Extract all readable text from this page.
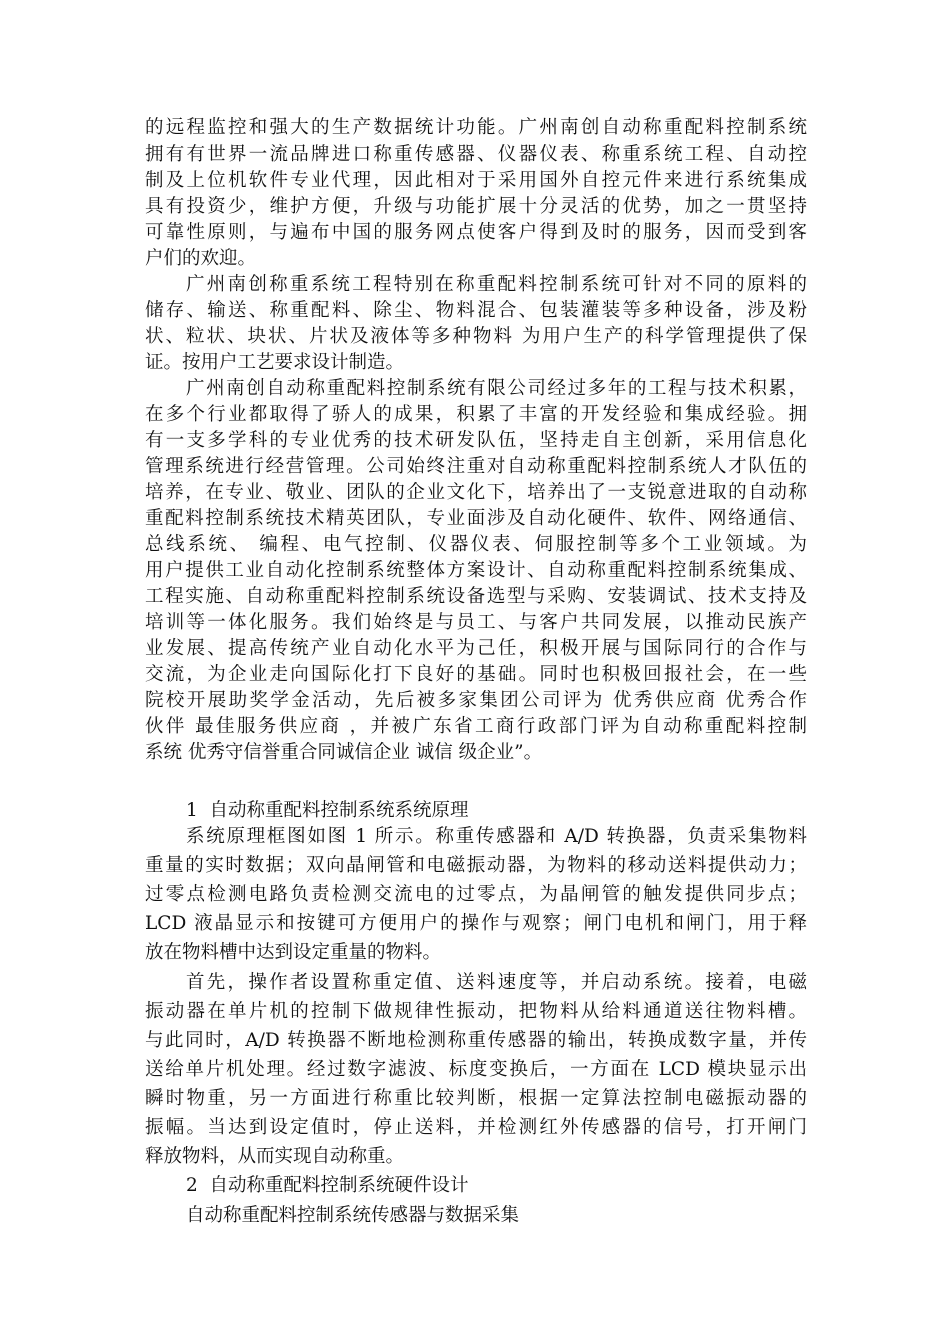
的远程监控和强大的生产数据统计功能。广州南创自动称重配料控制系统

拥有有世界一流品牌进口称重传感器、仪器仪表、称重系统工程、自动控

制及上位机软件专业代理，因此相对于采用国外自控元件来进行系统集成

具有投资少，维护方便，升级与功能扩展十分灵活的优势，加之一贯坚持

可靠性原则，与遍布中国的服务网点使客户得到及时的服务，因而受到客

户们的欢迎。

广州南创称重系统工程特别在称重配料控制系统可针对不同的原料的

储存、输送、称重配料、除尘、物料混合、包装灌装等多种设备，涉及粉

状、粒状、块状、片状及液体等多种物料 为用户生产的科学管理提供了保

证。按用户工艺要求设计制造。

广州南创自动称重配料控制系统有限公司经过多年的工程与技术积累，

在多个行业都取得了骄人的成果，积累了丰富的开发经验和集成经验。拥

有一支多学科的专业优秀的技术研发队伍，坚持走自主创新，采用信息化

管理系统进行经营管理。公司始终注重对自动称重配料控制系统人才队伍的

培养，在专业、敬业、团队的企业文化下，培养出了一支锐意进取的自动称

重配料控制系统技术精英团队，专业面涉及自动化硬件、软件、网络通信、

总线系统、 编程、电气控制、仪器仪表、伺服控制等多个工业领域。为

用户提供工业自动化控制系统整体方案设计、自动称重配料控制系统集成、

工程实施、自动称重配料控制系统设备选型与采购、安装调试、技术支持及

培训等一体化服务。我们始终是与员工、与客户共同发展，以推动民族产

业发展、提高传统产业自动化水平为己任，积极开展与国际同行的合作与

交流，为企业走向国际化打下良好的基础。同时也积极回报社会，在一些

院校开展助奖学金活动，先后被多家集团公司评为 优秀供应商 优秀合作

伙伴 最佳服务供应商 ，并被广东省工商行政部门评为自动称重配料控制

系统 优秀守信誉重合同诚信企业 诚信 级企业”。

1 自动称重配料控制系统系统原理

系统原理框图如图 1 所示。称重传感器和 A/D 转换器，负责采集物料

重量的实时数据；双向晶闸管和电磁振动器，为物料的移动送料提供动力；

过零点检测电路负责检测交流电的过零点，为晶闸管的触发提供同步点；

LCD 液晶显示和按键可方便用户的操作与观察；闸门电机和闸门，用于释

放在物料槽中达到设定重量的物料。

首先，操作者设置称重定值、送料速度等，并启动系统。接着，电磁

振动器在单片机的控制下做规律性振动，把物料从给料通道送往物料槽。

与此同时，A/D 转换器不断地检测称重传感器的输出，转换成数字量，并传

送给单片机处理。经过数字滤波、标度变换后，一方面在 LCD 模块显示出

瞬时物重，另一方面进行称重比较判断，根据一定算法控制电磁振动器的

振幅。当达到设定值时，停止送料，并检测红外传感器的信号，打开闸门

释放物料，从而实现自动称重。

2 自动称重配料控制系统硬件设计
自动称重配料控制系统传感器与数据采集
